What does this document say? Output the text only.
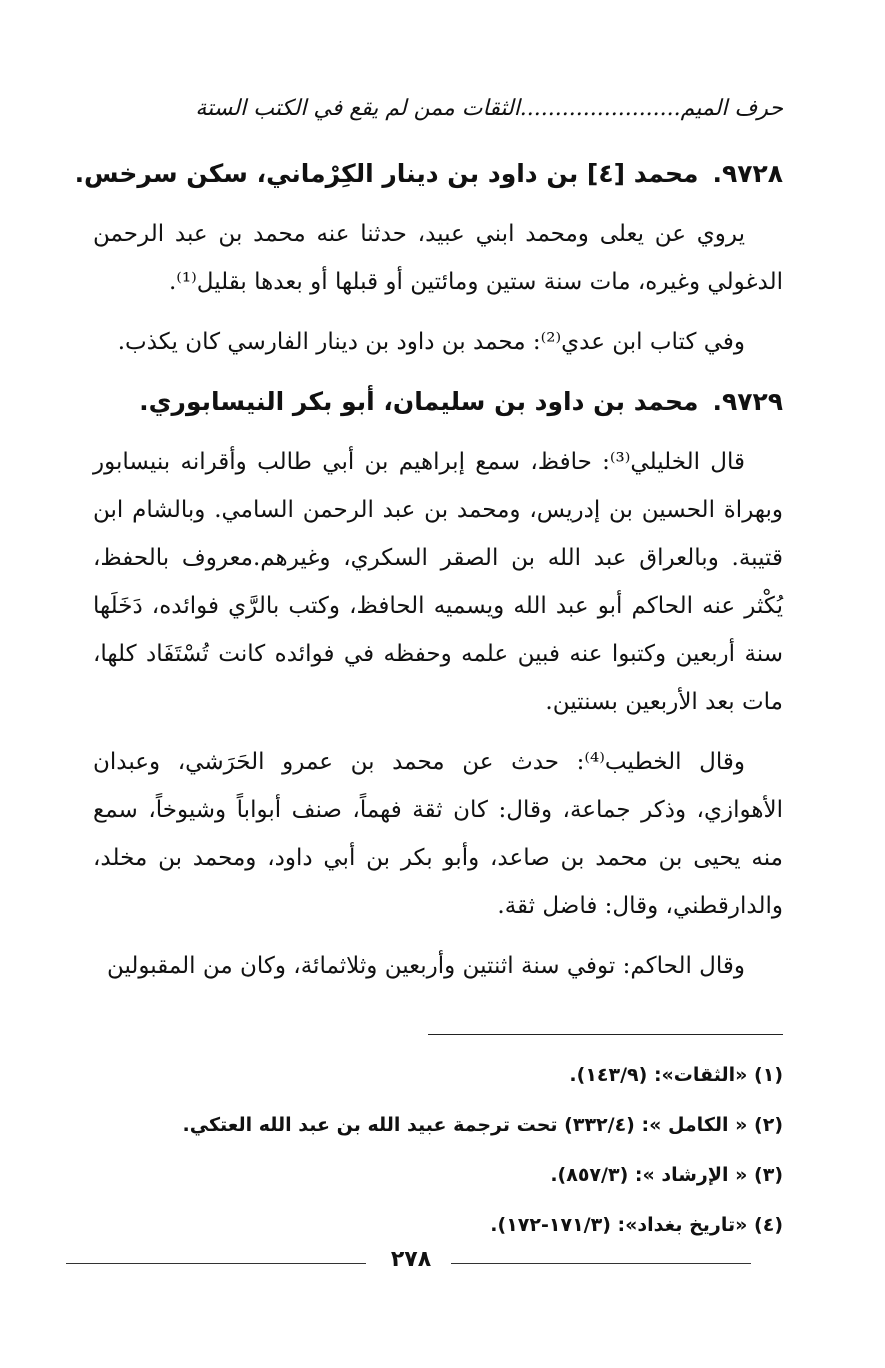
حرف الميم.......................الثقات ممن لم يقع في الكتب الستة
٩٧٢٨.محمد [٤] بن داود بن دينار الكِرْماني، سكن سرخس.

يروي عن يعلى ومحمد ابني عبيد، حدثنا عنه محمد بن عبد الرحمن الدغولي وغيره، مات سنة ستين ومائتين أو قبلها أو بعدها بقليل⁽¹⁾.

وفي كتاب ابن عدي⁽²⁾: محمد بن داود بن دينار الفارسي كان يكذب.

٩٧٢٩.محمد بن داود بن سليمان، أبو بكر النيسابوري.

قال الخليلي⁽³⁾: حافظ، سمع إبراهيم بن أبي طالب وأقرانه بنيسابور وبهراة الحسين بن إدريس، ومحمد بن عبد الرحمن السامي. وبالشام ابن قتيبة. وبالعراق عبد الله بن الصقر السكري، وغيرهم.معروف بالحفظ، يُكْثر عنه الحاكم أبو عبد الله ويسميه الحافظ، وكتب بالرَّي فوائده، دَخَلَها سنة أربعين وكتبوا عنه فبين علمه وحفظه في فوائده كانت تُسْتَفَاد كلها، مات بعد الأربعين بسنتين.

وقال الخطيب⁽⁴⁾: حدث عن محمد بن عمرو الحَرَشي، وعبدان الأهوازي، وذكر جماعة، وقال: كان ثقة فهماً، صنف أبواباً وشيوخاً، سمع منه يحيى بن محمد بن صاعد، وأبو بكر بن أبي داود، ومحمد بن مخلد، والدارقطني، وقال: فاضل ثقة.

وقال الحاكم: توفي سنة اثنتين وأربعين وثلاثمائة، وكان من المقبولين

(١) «الثقات»: (١٤٣/٩).
(٢) « الكامل »: (٣٣٢/٤) تحت ترجمة عبيد الله بن عبد الله العتكي.
(٣) « الإرشاد »: (٨٥٧/٣).
(٤) «تاريخ بغداد»: (١٧١/٣-١٧٢).
٢٧٨
